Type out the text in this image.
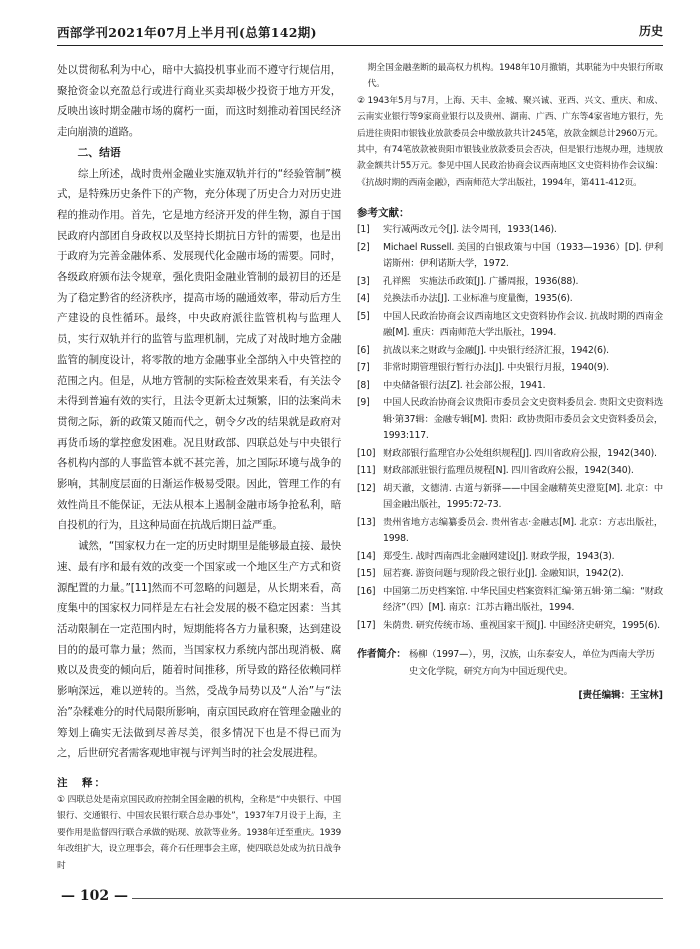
西部学刊2021年07月上半月刊(总第142期)	历史

处以贯彻私利为中心，暗中大搞投机事业而不遵守行规信用，聚抢资金以充盈总行或进行商业买卖却极少投资于地方开发，反映出该时期金融市场的腐朽一面，而这时刻推动着国民经济走向崩溃的道路。

二、结语

综上所述，战时贵州金融业实施双轨并行的“经验管制”模式，是特殊历史条件下的产物，充分体现了历史合力对历史进程的推动作用。首先，它是地方经济开发的伴生物，源自于国民政府内部团自身政权以及坚持长期抗日方针的需要，也是出于政府为完善金融体系、发展现代化金融市场的需要。同时，各级政府颁布法令规章，强化贵阳金融业管制的最初目的还是为了稳定黔省的经济秩序，提高市场的融通效率，带动后方生产建设的良性循环。最终，中央政府派往监管机构与监理人员，实行双轨并行的监管与监理机制，完成了对战时地方金融监管的制度设计，将零散的地方金融事业全部纳入中央管控的范围之内。但是，从地方管制的实际检查效果来看，有关法令未得到普遍有效的实行，且法令更新太过频繁，旧的法案尚未贯彻之际，新的政策又随而代之，朝令夕改的结果就是政府对再货币场的掌控愈发困难。况且财政部、四联总处与中央银行各机构内部的人事监管本就不甚完善，加之国际环境与战争的影响，其制度层面的日渐运作极易受限。因此，管理工作的有效性尚且不能保证，无法从根本上遏制金融市场争抢私利，暗自投机的行为，且这种局面在抗战后期日益严重。

诚然，“国家权力在一定的历史时期里是能够最直接、最快速、最有序和最有效的改变一个国家或一个地区生产方式和资源配置的力量。”[11]然而不可忽略的问题是，从长期来看，高度集中的国家权力同样是左右社会发展的极不稳定因素：当其活动限制在一定范围内时，短期能将各方力量积聚，达到建设目的的最可靠力量；然而，当国家权力系统内部出现消极、腐败以及贵变的倾向后，随着时间推移，所导致的路径依赖同样影响深远，难以逆转的。当然，受战争局势以及“人治”与“法治”杂糅难分的时代局限所影响，南京国民政府在管理金融业的筹划上确实无法做到尽善尽美，很多情况下也是不得已而为之，后世研究者需客观地审视与评判当时的社会发展进程。

注　释：
① 四联总处是南京国民政府控制全国金融的机构，全称是“中央银行、中国银行、交通银行、中国农民银行联合总办事处”，1937年7月设于上海，主要作用是监督四行联合承做的贴现、放款等业务。1938年迁至重庆。1939年改组扩大，设立理事会，蒋介石任理事会主席，使四联总处成为抗日战争时
期全国金融垄断的最高权力机构。1948年10月撤销，其职能为中央银行所取代。
② 1943年5月与7月，上海、天丰、金城、聚兴诚、亚西、兴文、重庆、和成、云南实业银行等9家商业银行以及贵州、湖南、广西、广东等4家省地方银行，先后进往贵阳市银钱业放款委员会申缴放款共计245笔，放款金额总计2960万元。其中，有74笔放款被贵阳市银钱业放款委员会否决，但是银行违规办理，违规放款金额共计55万元。参见中国人民政治协商会议西南地区文史资料协作会议编：《抗战时期的西南金融》，西南师范大学出版社，1994年，第411-412页。
参考文献：
[1] 实行减两改元令[J]. 法令周刊，1933(146).
[2] Michael Russell. 美国的白银政策与中国（1933—1936）[D]. 伊利诺斯州：伊利诺斯大学，1972.
[3] 孔祥熙　实施法币政策[J]. 广播周报，1936(88).
[4] 兑换法币办法[J]. 工业标准与度量衡，1935(6).
[5] 中国人民政治协商会议西南地区文史资料协作会议. 抗战时期的西南金融[M]. 重庆：西南师范大学出版社，1994.
[6] 抗战以来之财政与金融[J]. 中央银行经济汇报，1942(6).
[7] 非常时期管理银行暂行办法[J]. 中央银行月报，1940(9).
[8] 中央储备银行法[Z]. 社会部公报，1941.
[9] 中国人民政治协商会议贵阳市委员会文史资料委员会. 贵阳文史资料选辑·第37辑：金融专辑[M]. 贵阳：政协贵阳市委员会文史资料委员会，1993:117.
[10] 财政部银行监理官办公处组织规程[J]. 四川省政府公报，1942(340).
[11] 财政部派驻银行监理员规程[N]. 四川省政府公报，1942(340).
[12] 胡天澈，文德清. 古道与新驿——中国金融精英史澄览[M]. 北京：中国金融出版社，1995:72-73.
[13] 贵州省地方志编纂委员会. 贵州省志·金融志[M]. 北京：方志出版社，1998.
[14] 郑受生. 战时西南西北金融网建设[J]. 财政学报，1943(3).
[15] 屈若赛. 游资问题与现阶段之银行业[J]. 金融知识，1942(2).
[16] 中国第二历史档案馆. 中华民国史档案资料汇编·第五辑·第二编：“财政经济”（四）[M]. 南京：江苏古籍出版社，1994.
[17] 朱荫贵. 研究传统市场、重视国家干预[J]. 中国经济史研究，1995(6).
作者简介： 杨柳（1997—），男，汉族，山东泰安人，单位为西南大学历史文化学院，研究方向为中国近现代史。
[责任编辑：王宝林]
— 102 —
